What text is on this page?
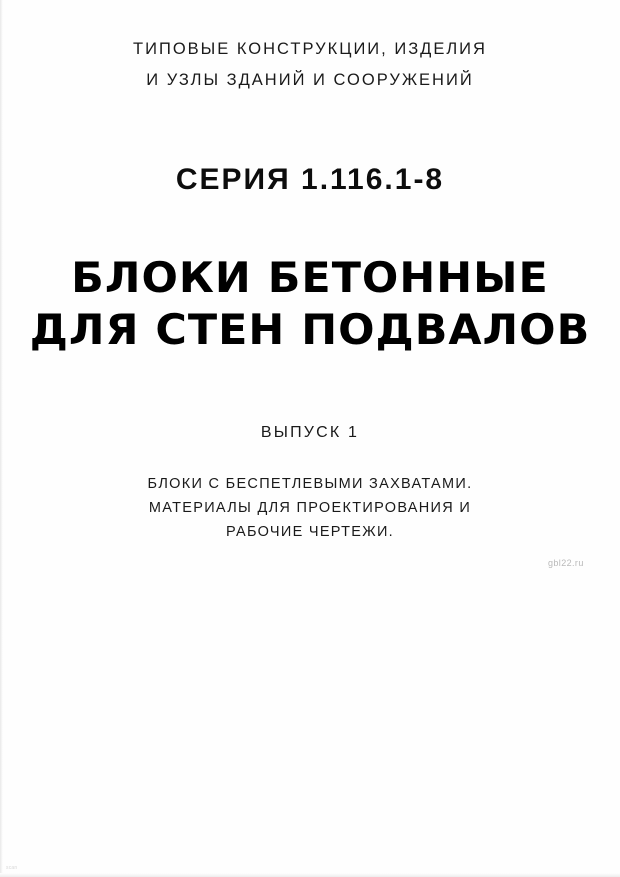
ТИПОВЫЕ КОНСТРУКЦИИ, ИЗДЕЛИЯ
И УЗЛЫ ЗДАНИЙ И СООРУЖЕНИЙ
СЕРИЯ 1.116.1-8
БЛОКИ БЕТОННЫЕ
ДЛЯ СТЕН ПОДВАЛОВ
ВЫПУСК 1
БЛОКИ С БЕСПЕТЛЕВЫМИ ЗАХВАТАМИ.
МАТЕРИАЛЫ ДЛЯ ПРОЕКТИРОВАНИЯ И
РАБОЧИЕ ЧЕРТЕЖИ.
gbl22.ru
scan
